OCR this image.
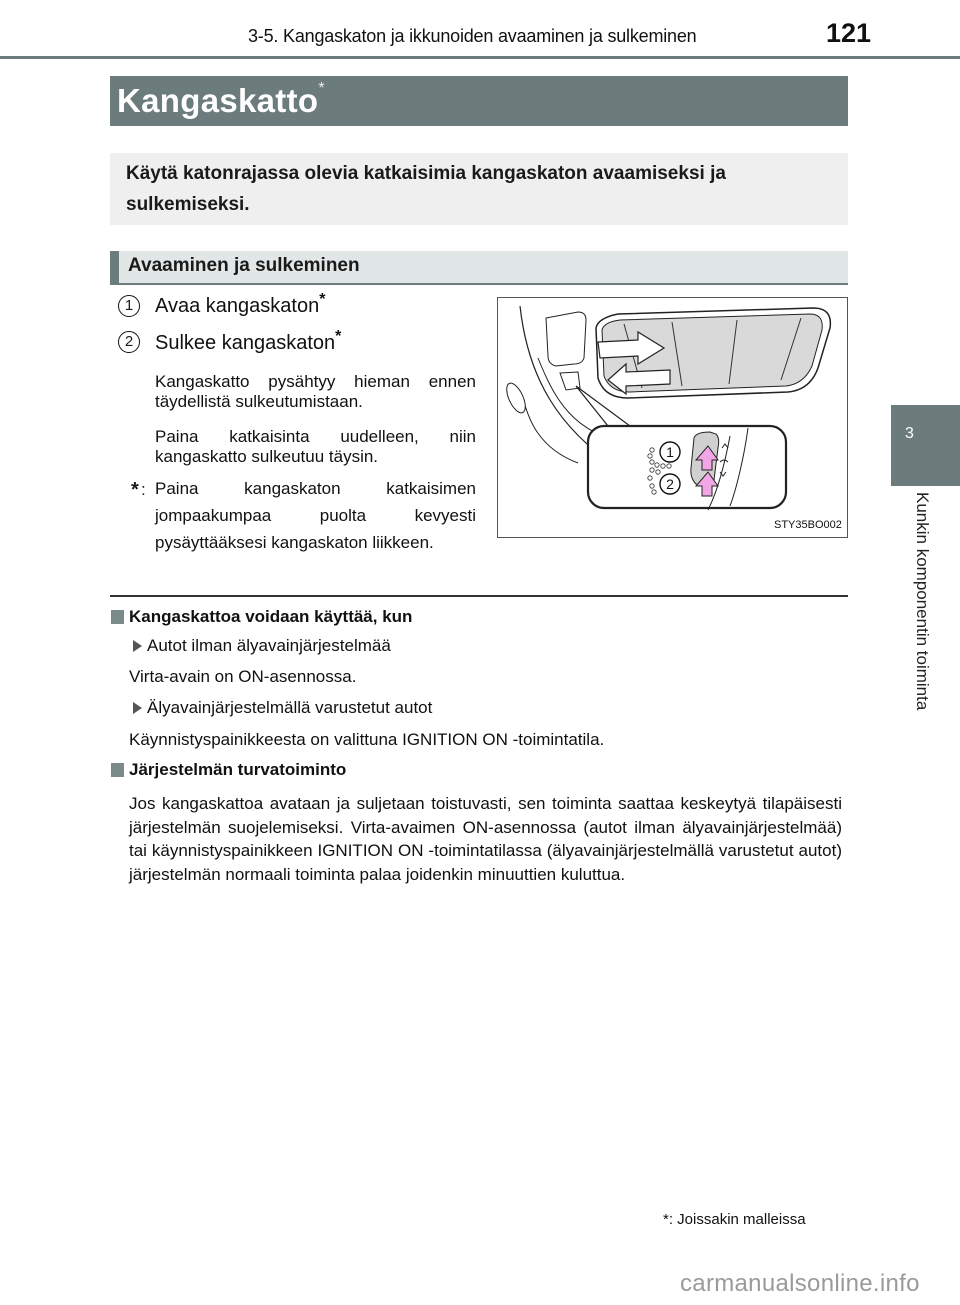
3-5. Kangaskaton ja ikkunoiden avaaminen ja sulkeminen	121
3
Kunkin komponentin toiminta
Kangaskatto*
Käytä katonrajassa olevia katkaisimia kangaskaton avaamiseksi ja sulkemiseksi.
Avaaminen ja sulkeminen
1	Avaa kangaskaton*
2	Sulkee kangaskaton*
Kangaskatto pysähtyy hieman ennen täydellistä sulkeutumistaan.
Paina katkaisinta uudelleen, niin kangaskatto sulkeutuu täysin.
* : Paina kangaskaton katkaisimen jompaakumpaa puolta kevyesti pysäyttääksesi kangaskaton liikkeen.
1
2
STY35BO002
Kangaskattoa voidaan käyttää, kun
Autot ilman älyavainjärjestelmää
Virta-avain on ON-asennossa.
Älyavainjärjestelmällä varustetut autot
Käynnistyspainikkeesta on valittuna IGNITION ON -toimintatila.
Järjestelmän turvatoiminto
Jos kangaskattoa avataan ja suljetaan toistuvasti, sen toiminta saattaa keskeytyä tilapäisesti järjestelmän suojelemiseksi. Virta-avaimen ON-asennossa (autot ilman älyavainjärjestelmää) tai käynnistyspainikkeen IGNITION ON -toimintatilassa (älyavainjärjestelmällä varustetut autot) järjestelmän normaali toiminta palaa joidenkin minuuttien kuluttua.
*: Joissakin malleissa
carmanualsonline.info
